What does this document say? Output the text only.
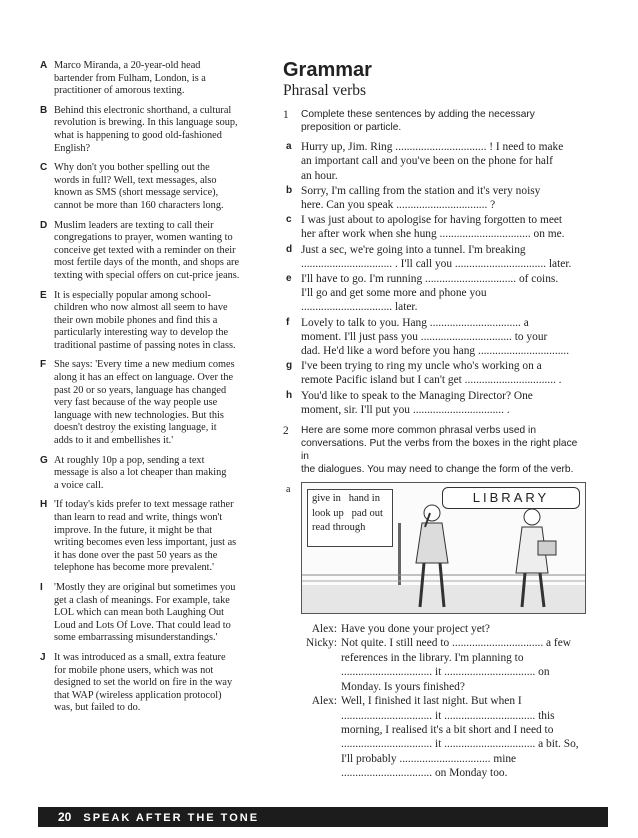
A Marco Miranda, a 20-year-old head
bartender from Fulham, London, is a
practitioner of amorous texting.
B Behind this electronic shorthand, a cultural
revolution is brewing. In this language soup,
what is happening to good old-fashioned
English?
C Why don't you bother spelling out the
words in full? Well, text messages, also
known as SMS (short message service),
cannot be more than 160 characters long.
D Muslim leaders are texting to call their
congregations to prayer, women wanting to
conceive get texted with a reminder on their
most fertile days of the month, and shops are
texting with special offers on cut-price jeans.
E It is especially popular among school-
children who now almost all seem to have
their own mobile phones and find this a
particularly interesting way to develop the
traditional pastime of passing notes in class.
F She says: 'Every time a new medium comes
along it has an effect on language. Over the
past 20 or so years, language has changed
very fast because of the way people use
language with new technologies. But this
doesn't destroy the existing language, it
adds to it and embellishes it.'
G At roughly 10p a pop, sending a text
message is also a lot cheaper than making
a voice call.
H 'If today's kids prefer to text message rather
than learn to read and write, things won't
improve. In the future, it might be that
writing becomes even less important, just as
it has done over the past 50 years as the
telephone has become more prevalent.'
I 'Mostly they are original but sometimes you
get a clash of meanings. For example, take
LOL which can mean both Laughing Out
Loud and Lots Of Love. That could lead to
some embarrassing misunderstandings.'
J It was introduced as a small, extra feature
for mobile phone users, which was not
designed to set the world on fire in the way
that WAP (wireless application protocol)
was, but failed to do.
Grammar
Phrasal verbs
1 Complete these sentences by adding the necessary
preposition or particle.
a Hurry up, Jim. Ring ................................ ! I need to make
an important call and you've been on the phone for half
an hour.
b Sorry, I'm calling from the station and it's very noisy
here. Can you speak ................................ ?
c I was just about to apologise for having forgotten to meet
her after work when she hung ................................ on me.
d Just a sec, we're going into a tunnel. I'm breaking
................................ . I'll call you ................................ later.
e I'll have to go. I'm running ................................ of coins.
I'll go and get some more and phone you
................................ later.
f Lovely to talk to you. Hang ................................ a
moment. I'll just pass you ................................ to your
dad. He'd like a word before you hang ................................
g I've been trying to ring my uncle who's working on a
remote Pacific island but I can't get ................................ .
h You'd like to speak to the Managing Director? One
moment, sir. I'll put you ................................ .
2 Here are some more common phrasal verbs used in
conversations. Put the verbs from the boxes in the right place in
the dialogues. You may need to change the form of the verb.
a
give in hand in
look up pad out
read through
LIBRARY
Alex: Have you done your project yet?
Nicky: Not quite. I still need to ................................ a few
references in the library. I'm planning to
................................ it ................................ on
Monday. Is yours finished?
Alex: Well, I finished it last night. But when I
................................ it ................................ this
morning, I realised it's a bit short and I need to
................................ it ................................ a bit. So,
I'll probably ................................ mine
................................ on Monday too.
20 SPEAK AFTER THE TONE
